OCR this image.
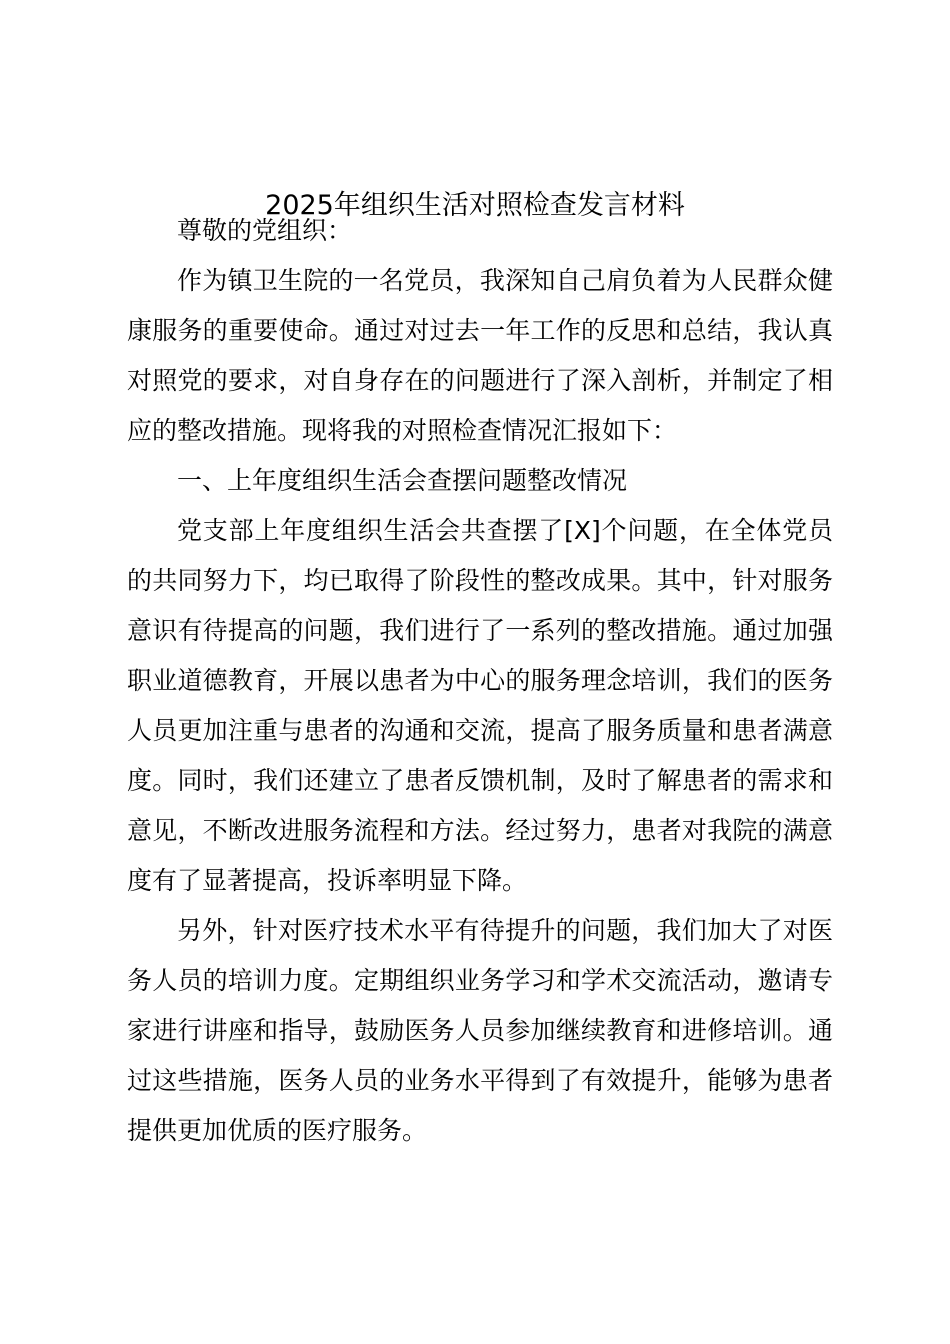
2025年组织生活对照检查发言材料

尊敬的党组织：

作为镇卫生院的一名党员，我深知自己肩负着为人民群众健康服务的重要使命。通过对过去一年工作的反思和总结，我认真对照党的要求，对自身存在的问题进行了深入剖析，并制定了相应的整改措施。现将我的对照检查情况汇报如下：

一、上年度组织生活会查摆问题整改情况

党支部上年度组织生活会共查摆了[X]个问题，在全体党员的共同努力下，均已取得了阶段性的整改成果。其中，针对服务意识有待提高的问题，我们进行了一系列的整改措施。通过加强职业道德教育，开展以患者为中心的服务理念培训，我们的医务人员更加注重与患者的沟通和交流，提高了服务质量和患者满意度。同时，我们还建立了患者反馈机制，及时了解患者的需求和意见，不断改进服务流程和方法。经过努力，患者对我院的满意度有了显著提高，投诉率明显下降。

另外，针对医疗技术水平有待提升的问题，我们加大了对医务人员的培训力度。定期组织业务学习和学术交流活动，邀请专家进行讲座和指导，鼓励医务人员参加继续教育和进修培训。通过这些措施，医务人员的业务水平得到了有效提升，能够为患者提供更加优质的医疗服务。
